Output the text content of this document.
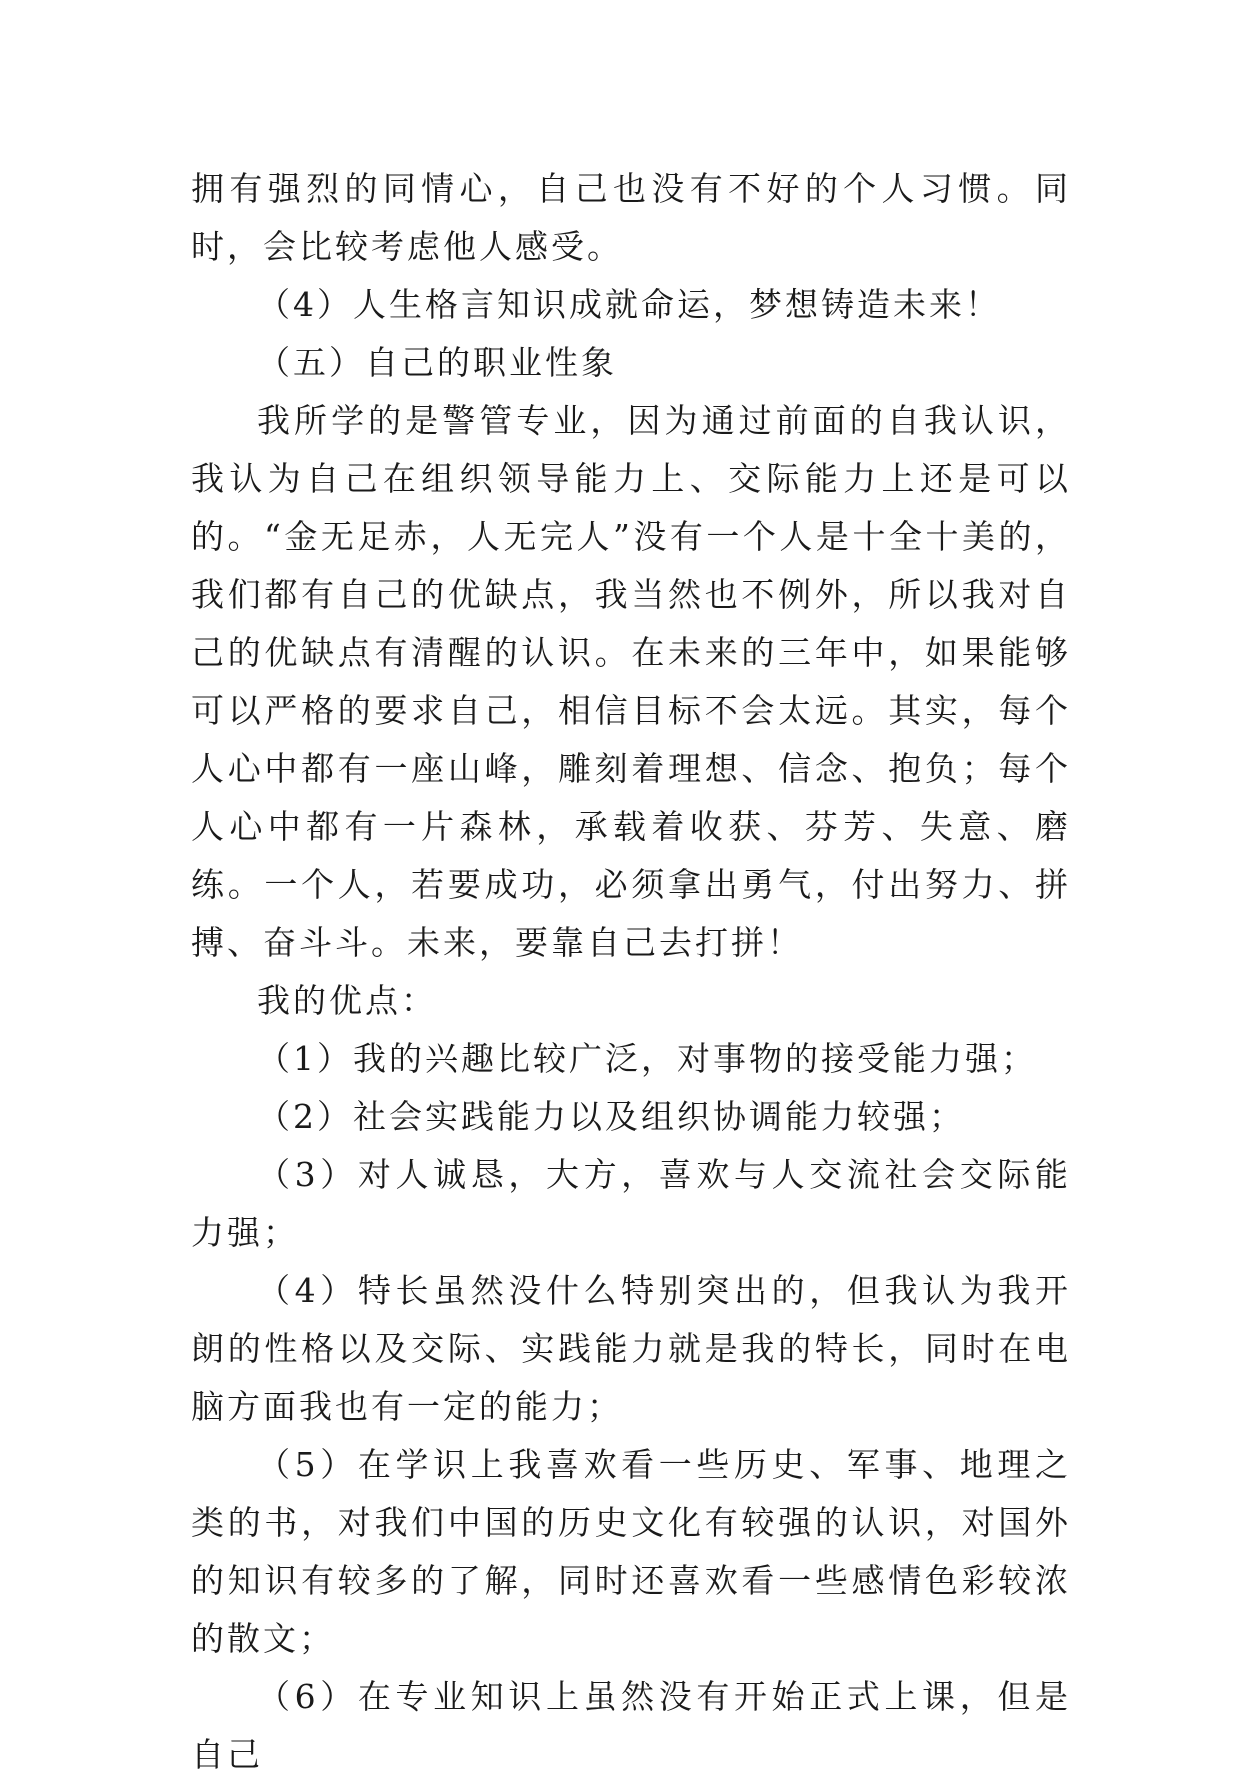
拥有强烈的同情心，自己也没有不好的个人习惯。同时，会比较考虑他人感受。

（4）人生格言知识成就命运，梦想铸造未来！

（五）自己的职业性象

我所学的是警管专业，因为通过前面的自我认识，我认为自己在组织领导能力上、交际能力上还是可以的。“金无足赤，人无完人”没有一个人是十全十美的，我们都有自己的优缺点，我当然也不例外，所以我对自己的优缺点有清醒的认识。在未来的三年中，如果能够可以严格的要求自己，相信目标不会太远。其实，每个人心中都有一座山峰，雕刻着理想、信念、抱负；每个人心中都有一片森林，承载着收获、芬芳、失意、磨练。一个人，若要成功，必须拿出勇气，付出努力、拼搏、奋斗斗。未来，要靠自己去打拼！

我的优点：

（1）我的兴趣比较广泛，对事物的接受能力强；

（2）社会实践能力以及组织协调能力较强；

（3）对人诚恳，大方，喜欢与人交流社会交际能力强；

（4）特长虽然没什么特别突出的，但我认为我开朗的性格以及交际、实践能力就是我的特长，同时在电脑方面我也有一定的能力；

（5）在学识上我喜欢看一些历史、军事、地理之类的书，对我们中国的历史文化有较强的认识，对国外的知识有较多的了解，同时还喜欢看一些感情色彩较浓的散文；

（6）在专业知识上虽然没有开始正式上课，但是自己
